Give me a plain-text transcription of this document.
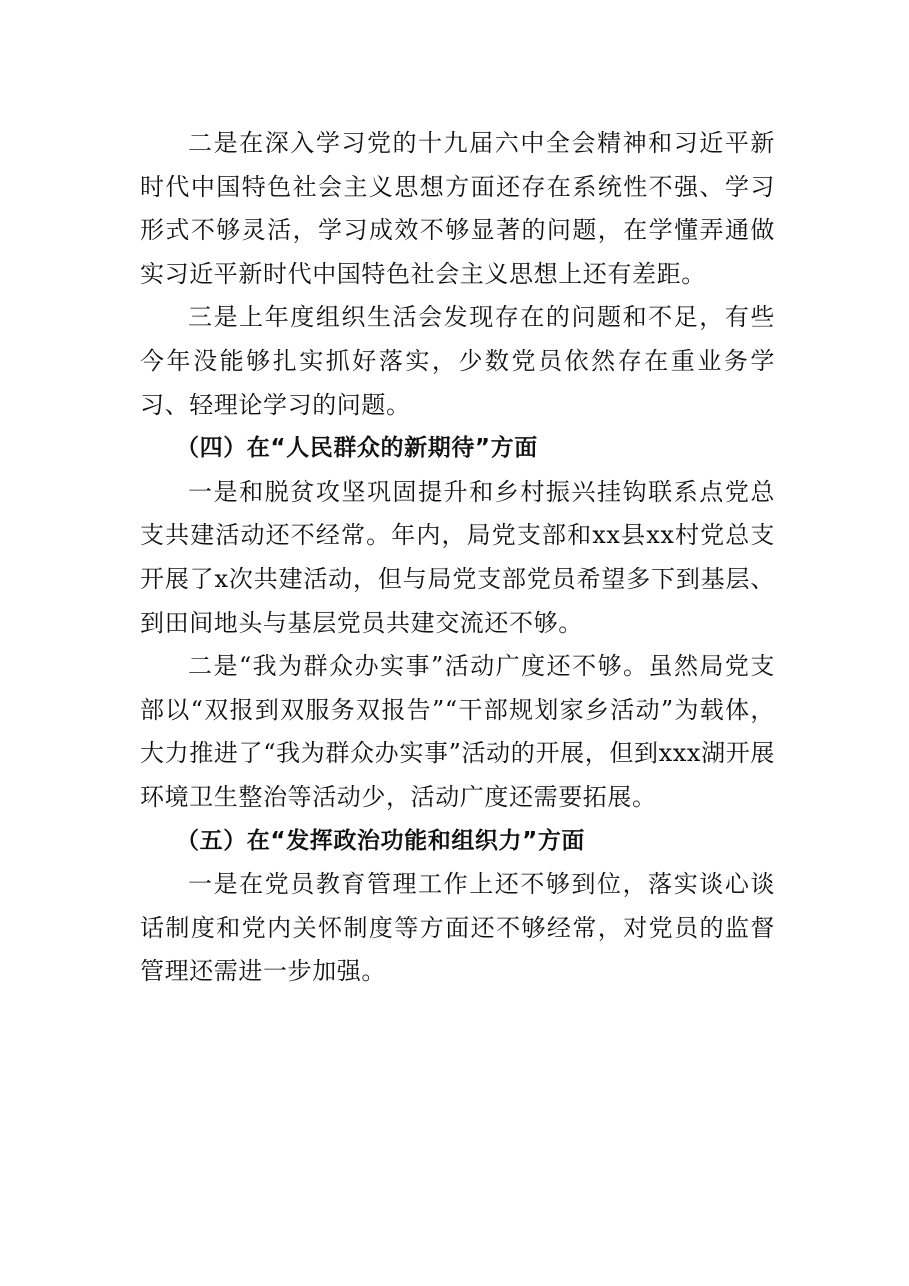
二是在深入学习党的十九届六中全会精神和习近平新时代中国特色社会主义思想方面还存在系统性不强、学习形式不够灵活，学习成效不够显著的问题，在学懂弄通做实习近平新时代中国特色社会主义思想上还有差距。

三是上年度组织生活会发现存在的问题和不足，有些今年没能够扎实抓好落实，少数党员依然存在重业务学习、轻理论学习的问题。

（四）在“人民群众的新期待”方面

一是和脱贫攻坚巩固提升和乡村振兴挂钩联系点党总支共建活动还不经常。年内，局党支部和xx县xx村党总支开展了x次共建活动，但与局党支部党员希望多下到基层、到田间地头与基层党员共建交流还不够。

二是“我为群众办实事”活动广度还不够。虽然局党支部以“双报到双服务双报告”“干部规划家乡活动”为载体，大力推进了“我为群众办实事”活动的开展，但到xxx湖开展环境卫生整治等活动少，活动广度还需要拓展。

（五）在“发挥政治功能和组织力”方面

一是在党员教育管理工作上还不够到位，落实谈心谈话制度和党内关怀制度等方面还不够经常，对党员的监督管理还需进一步加强。
